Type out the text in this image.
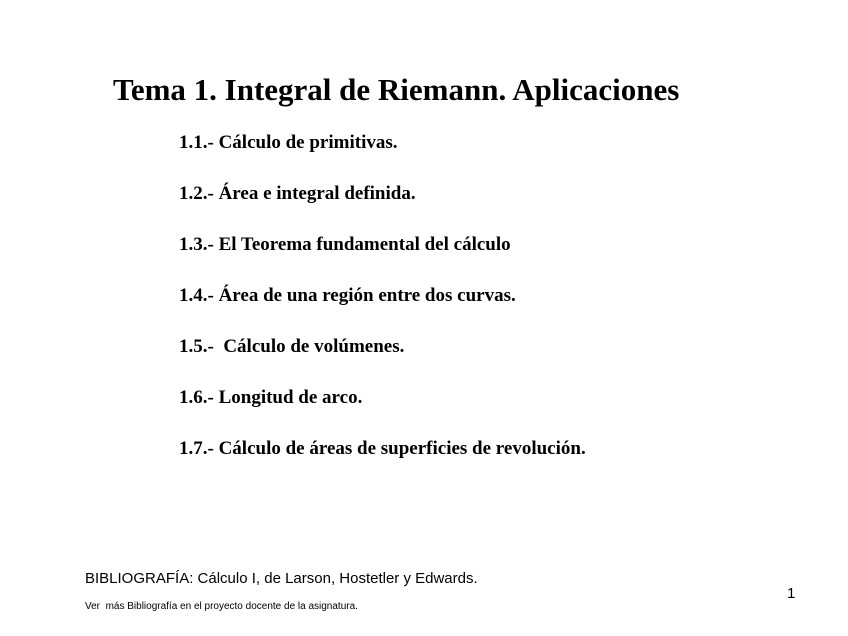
Tema 1. Integral de Riemann. Aplicaciones
1.1.- Cálculo de primitivas.
1.2.- Área e integral definida.
1.3.- El Teorema fundamental del cálculo
1.4.- Área de una región entre dos curvas.
1.5.-  Cálculo de volúmenes.
1.6.- Longitud de arco.
1.7.- Cálculo de áreas de superficies de revolución.
BIBLIOGRAFÍA: Cálculo I, de Larson, Hostetler y Edwards.
Ver  más Bibliografía en el proyecto docente de la asignatura.
1
